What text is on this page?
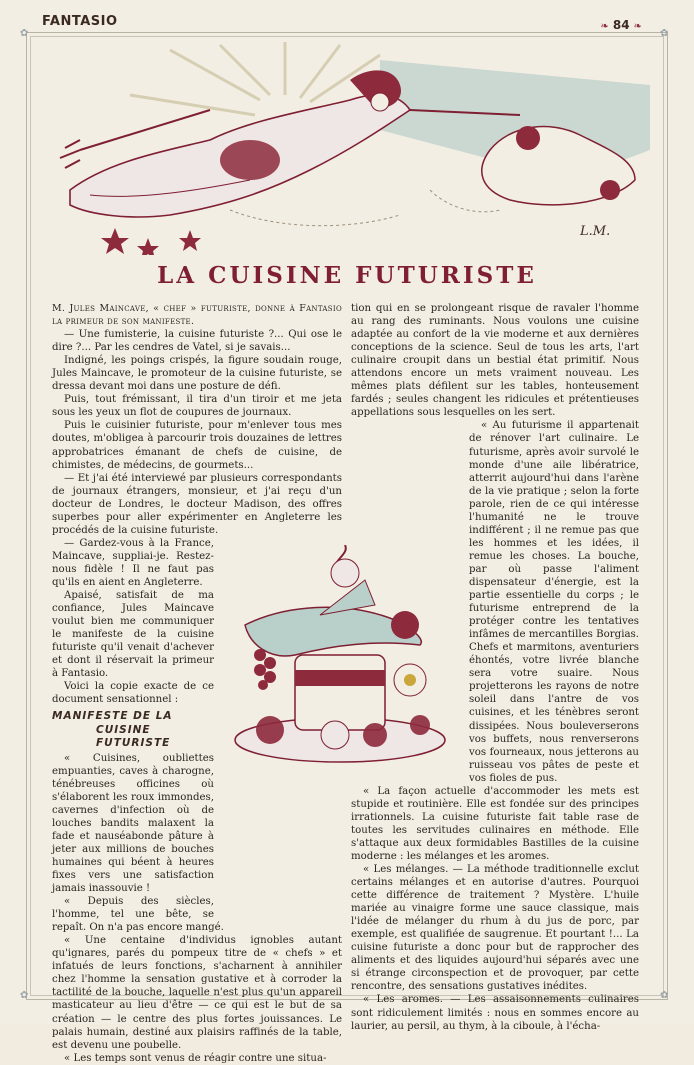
✿	✿
✿	✿
FANTASIO	❧ 84 ❧
L.M.
LA CUISINE FUTURISTE

M. Jules Maincave, « chef » futuriste, donne à Fantasio la primeur de son manifeste.

— Une fumisterie, la cuisine futuriste ?... Qui ose le dire ?... Par les cendres de Vatel, si je savais...

Indigné, les poings crispés, la figure soudain rouge, Jules Maincave, le promoteur de la cuisine futuriste, se dressa devant moi dans une posture de défi.

Puis, tout frémissant, il tira d'un tiroir et me jeta sous les yeux un flot de coupures de journaux.

Puis le cuisinier futuriste, pour m'enlever tous mes doutes, m'obligea à parcourir trois douzaines de lettres approbatrices émanant de chefs de cuisine, de chimistes, de médecins, de gourmets...

— Et j'ai été interviewé par plusieurs correspondants de journaux étrangers, monsieur, et j'ai reçu d'un docteur de Londres, le docteur Madison, des offres superbes pour aller expérimenter en Angleterre les procédés de la cuisine futuriste.

— Gardez-vous à la France, Maincave, suppliai-je. Restez-nous fidèle ! Il ne faut pas qu'ils en aient en Angleterre.

Apaisé, satisfait de ma confiance, Jules Maincave voulut bien me communiquer le manifeste de la cuisine futuriste qu'il venait d'achever et dont il réservait la primeur à Fantasio.

Voici la copie exacte de ce document sensationnel :

MANIFESTE DE LA
CUISINE FUTURISTE

« Cuisines, oubliettes empuanties, caves à charogne, ténébreuses officines où s'élaborent les roux immondes, cavernes d'infection où de louches bandits malaxent la fade et nauséabonde pâture à jeter aux millions de bouches humaines qui béent à heures fixes vers une satisfaction jamais inassouvie !

« Depuis des siècles, l'homme, tel une bête, se repaît. On n'a pas encore mangé.

« Une centaine d'individus ignobles autant qu'ignares, parés du pompeux titre de « chefs » et infatués de leurs fonctions, s'acharnent à annihiler chez l'homme la sensation gustative et à corroder la tactilité de la bouche, laquelle n'est plus qu'un appareil masticateur au lieu d'être — ce qui est le but de sa création — le centre des plus fortes jouissances. Le palais humain, destiné aux plaisirs raffinés de la table, est devenu une poubelle.

« Les temps sont venus de réagir contre une situa-

tion qui en se prolongeant risque de ravaler l'homme au rang des ruminants. Nous voulons une cuisine adaptée au confort de la vie moderne et aux dernières conceptions de la science. Seul de tous les arts, l'art culinaire croupit dans un bestial état primitif. Nous attendons encore un mets vraiment nouveau. Les mêmes plats défilent sur les tables, honteusement fardés ; seules changent les ridicules et prétentieuses appellations sous lesquelles on les sert.

« Au futurisme il appartenait de rénover l'art culinaire. Le futurisme, après avoir survolé le monde d'une aile libératrice, atterrit aujourd'hui dans l'arène de la vie pratique ; selon la forte parole, rien de ce qui intéresse l'humanité ne le trouve indifférent ; il ne remue pas que les hommes et les idées, il remue les choses. La bouche, par où passe l'aliment dispensateur d'énergie, est la partie essentielle du corps ; le futurisme entreprend de la protéger contre les tentatives infâmes de mercantilles Borgias. Chefs et marmitons, aventuriers éhontés, votre livrée blanche sera votre suaire. Nous projetterons les rayons de notre soleil dans l'antre de vos cuisines, et les ténèbres seront dissipées. Nous bouleverserons vos buffets, nous renverserons vos fourneaux, nous jetterons au ruisseau vos pâtes de peste et vos fioles de pus.

« La façon actuelle d'accommoder les mets est stupide et routinière. Elle est fondée sur des principes irrationnels. La cuisine futuriste fait table rase de toutes les servitudes culinaires en méthode. Elle s'attaque aux deux formidables Bastilles de la cuisine moderne : les mélanges et les aromes.

« Les mélanges. — La méthode traditionnelle exclut certains mélanges et en autorise d'autres. Pourquoi cette différence de traitement ? Mystère. L'huile mariée au vinaigre forme une sauce classique, mais l'idée de mélanger du rhum à du jus de porc, par exemple, est qualifiée de saugrenue. Et pourtant !... La cuisine futuriste a donc pour but de rapprocher des aliments et des liquides aujourd'hui séparés avec une si étrange circonspection et de provoquer, par cette rencontre, des sensations gustatives inédites.

« Les aromes. — Les assaisonnements culinaires sont ridiculement limités : nous en sommes encore au laurier, au persil, au thym, à la ciboule, à l'écha-
